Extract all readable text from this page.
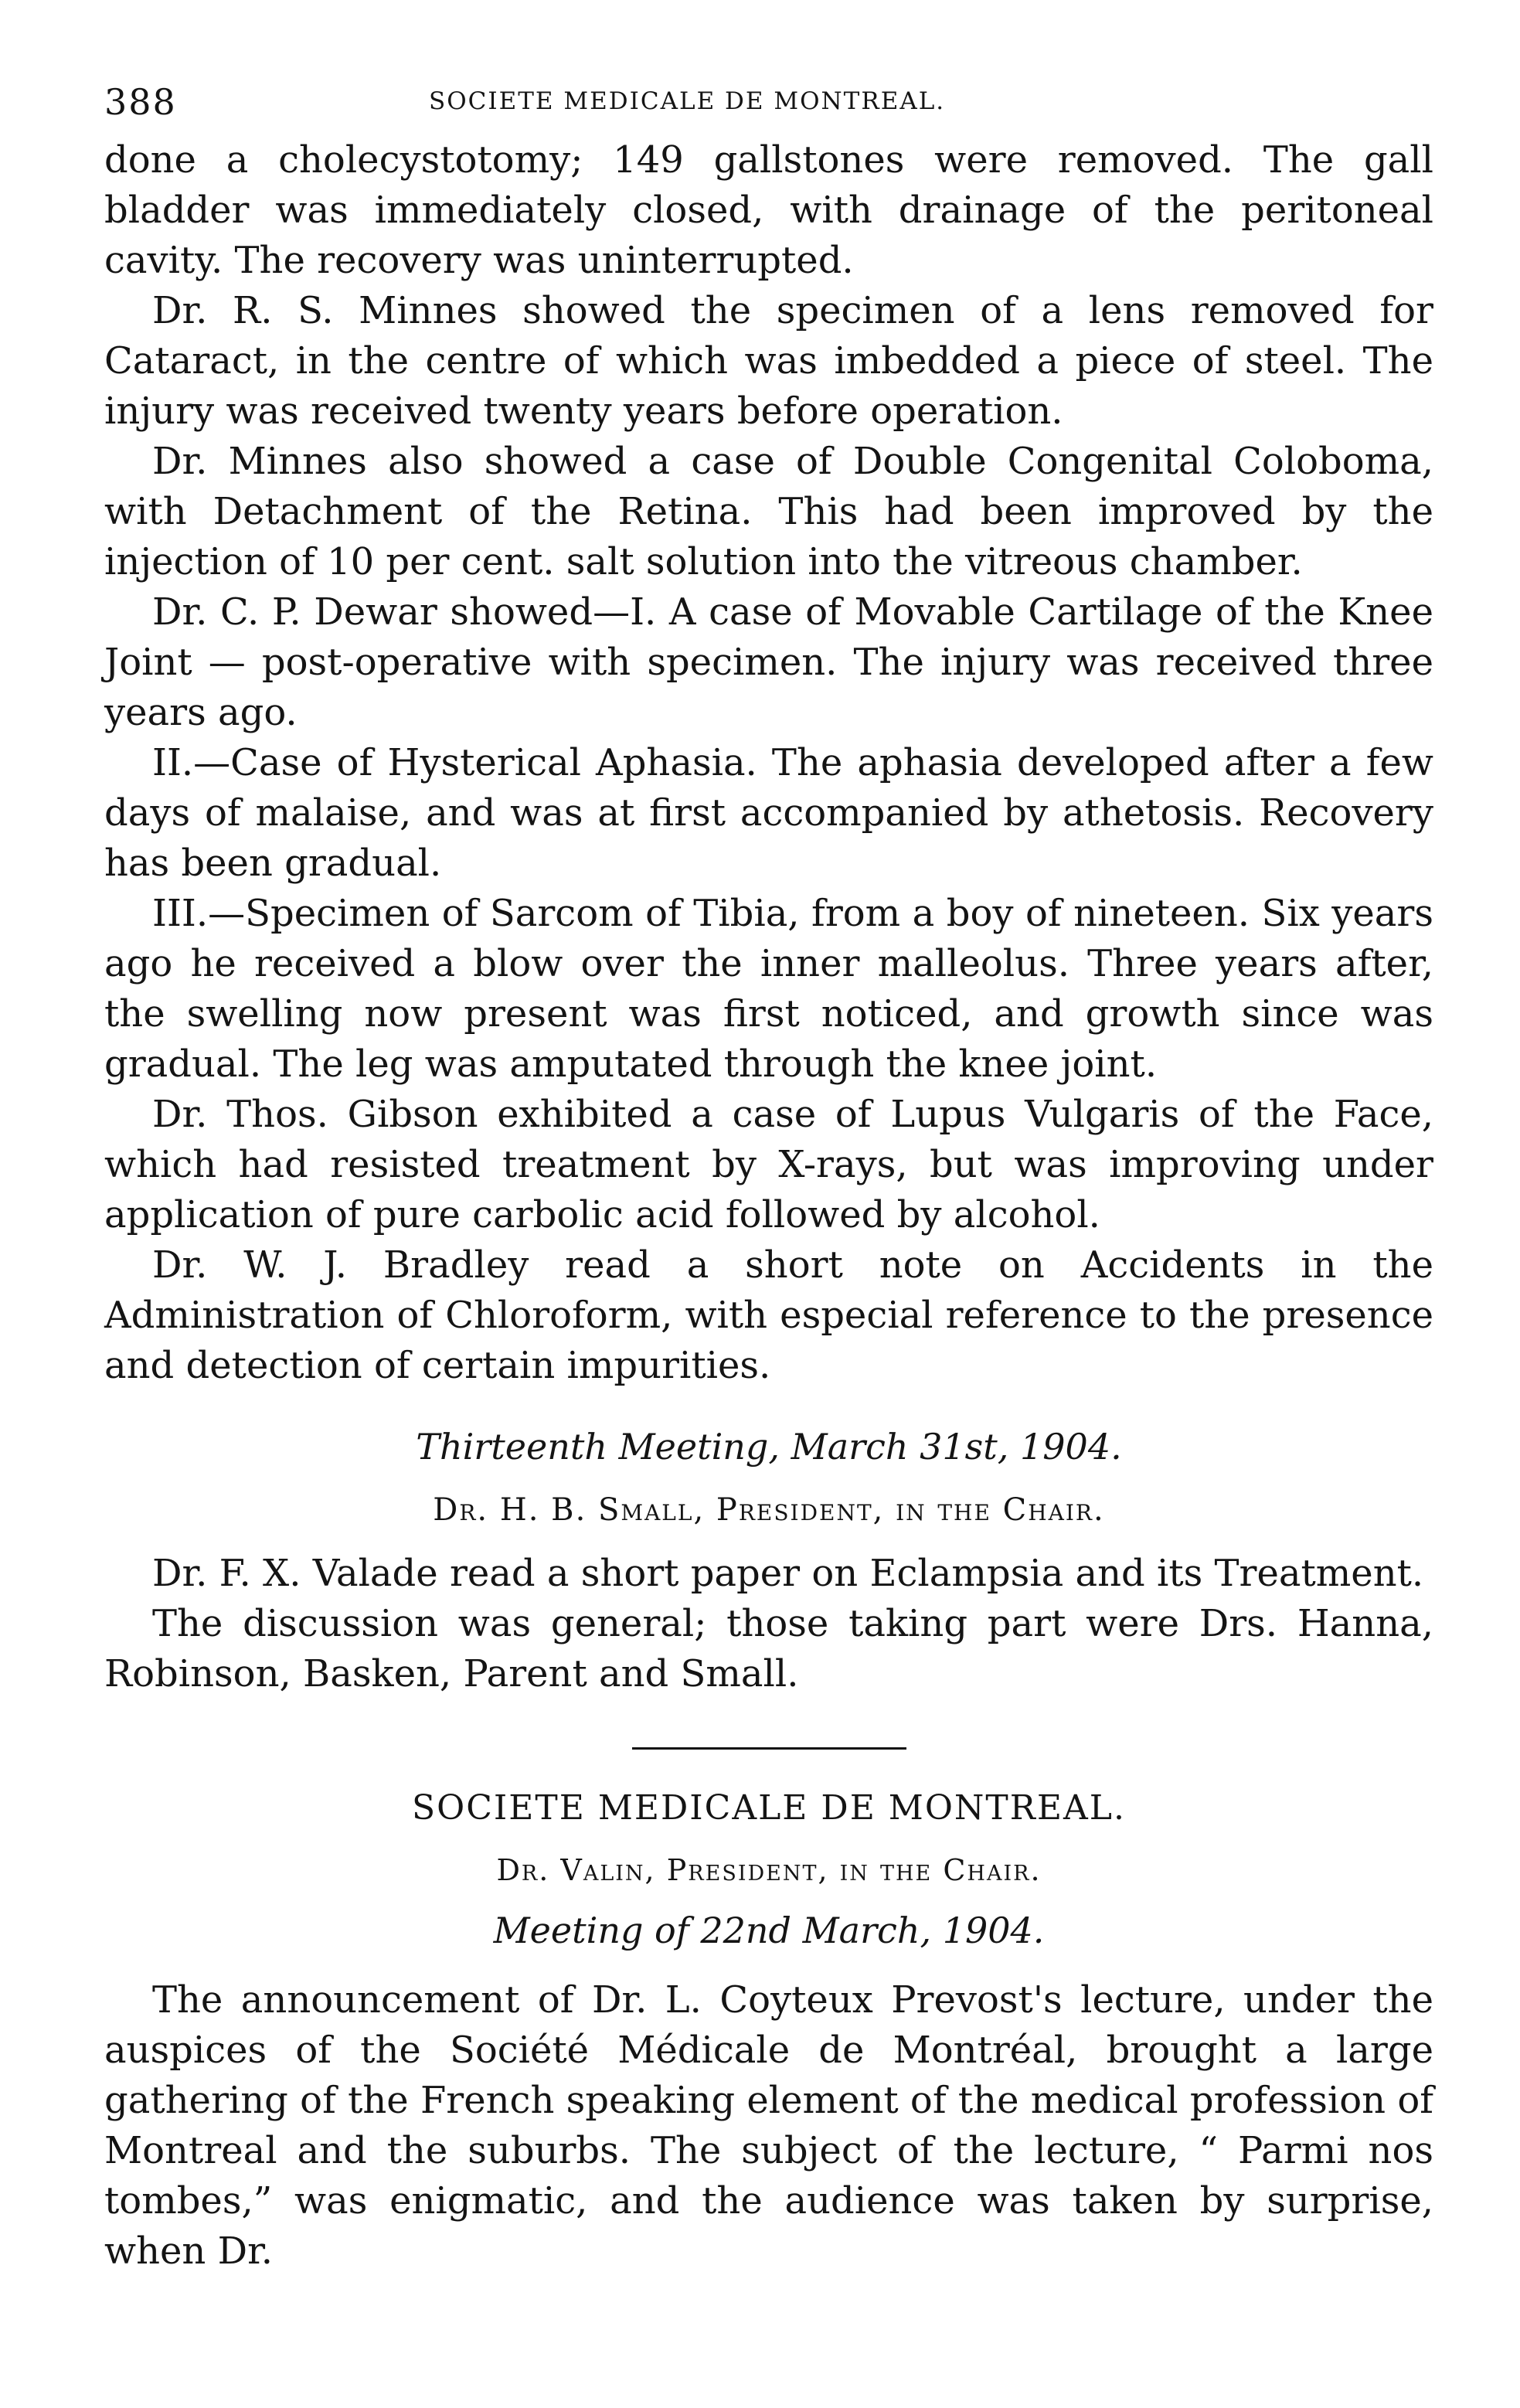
388	SOCIETE MEDICALE DE MONTREAL.

done a cholecystotomy; 149 gallstones were removed. The gall bladder was immediately closed, with drainage of the peritoneal cavity. The recovery was uninterrupted.

Dr. R. S. Minnes showed the specimen of a lens removed for Cataract, in the centre of which was imbedded a piece of steel. The injury was received twenty years before operation.

Dr. Minnes also showed a case of Double Congenital Coloboma, with Detachment of the Retina. This had been improved by the injection of 10 per cent. salt solution into the vitreous chamber.

Dr. C. P. Dewar showed—I. A case of Movable Cartilage of the Knee Joint — post-operative with specimen. The injury was received three years ago.

II.—Case of Hysterical Aphasia. The aphasia developed after a few days of malaise, and was at first accompanied by athetosis. Recovery has been gradual.

III.—Specimen of Sarcom of Tibia, from a boy of nineteen. Six years ago he received a blow over the inner malleolus. Three years after, the swelling now present was first noticed, and growth since was gradual. The leg was amputated through the knee joint.

Dr. Thos. Gibson exhibited a case of Lupus Vulgaris of the Face, which had resisted treatment by X-rays, but was improving under application of pure carbolic acid followed by alcohol.

Dr. W. J. Bradley read a short note on Accidents in the Administration of Chloroform, with especial reference to the presence and detection of certain impurities.

Thirteenth Meeting, March 31st, 1904.
Dr. H. B. Small, President, in the Chair.

Dr. F. X. Valade read a short paper on Eclampsia and its Treatment.

The discussion was general; those taking part were Drs. Hanna, Robinson, Basken, Parent and Small.

SOCIETE MEDICALE DE MONTREAL.
Dr. Valin, President, in the Chair.
Meeting of 22nd March, 1904.

The announcement of Dr. L. Coyteux Prevost's lecture, under the auspices of the Société Médicale de Montréal, brought a large gathering of the French speaking element of the medical profession of Montreal and the suburbs. The subject of the lecture, “ Parmi nos tombes,” was enigmatic, and the audience was taken by surprise, when Dr.
